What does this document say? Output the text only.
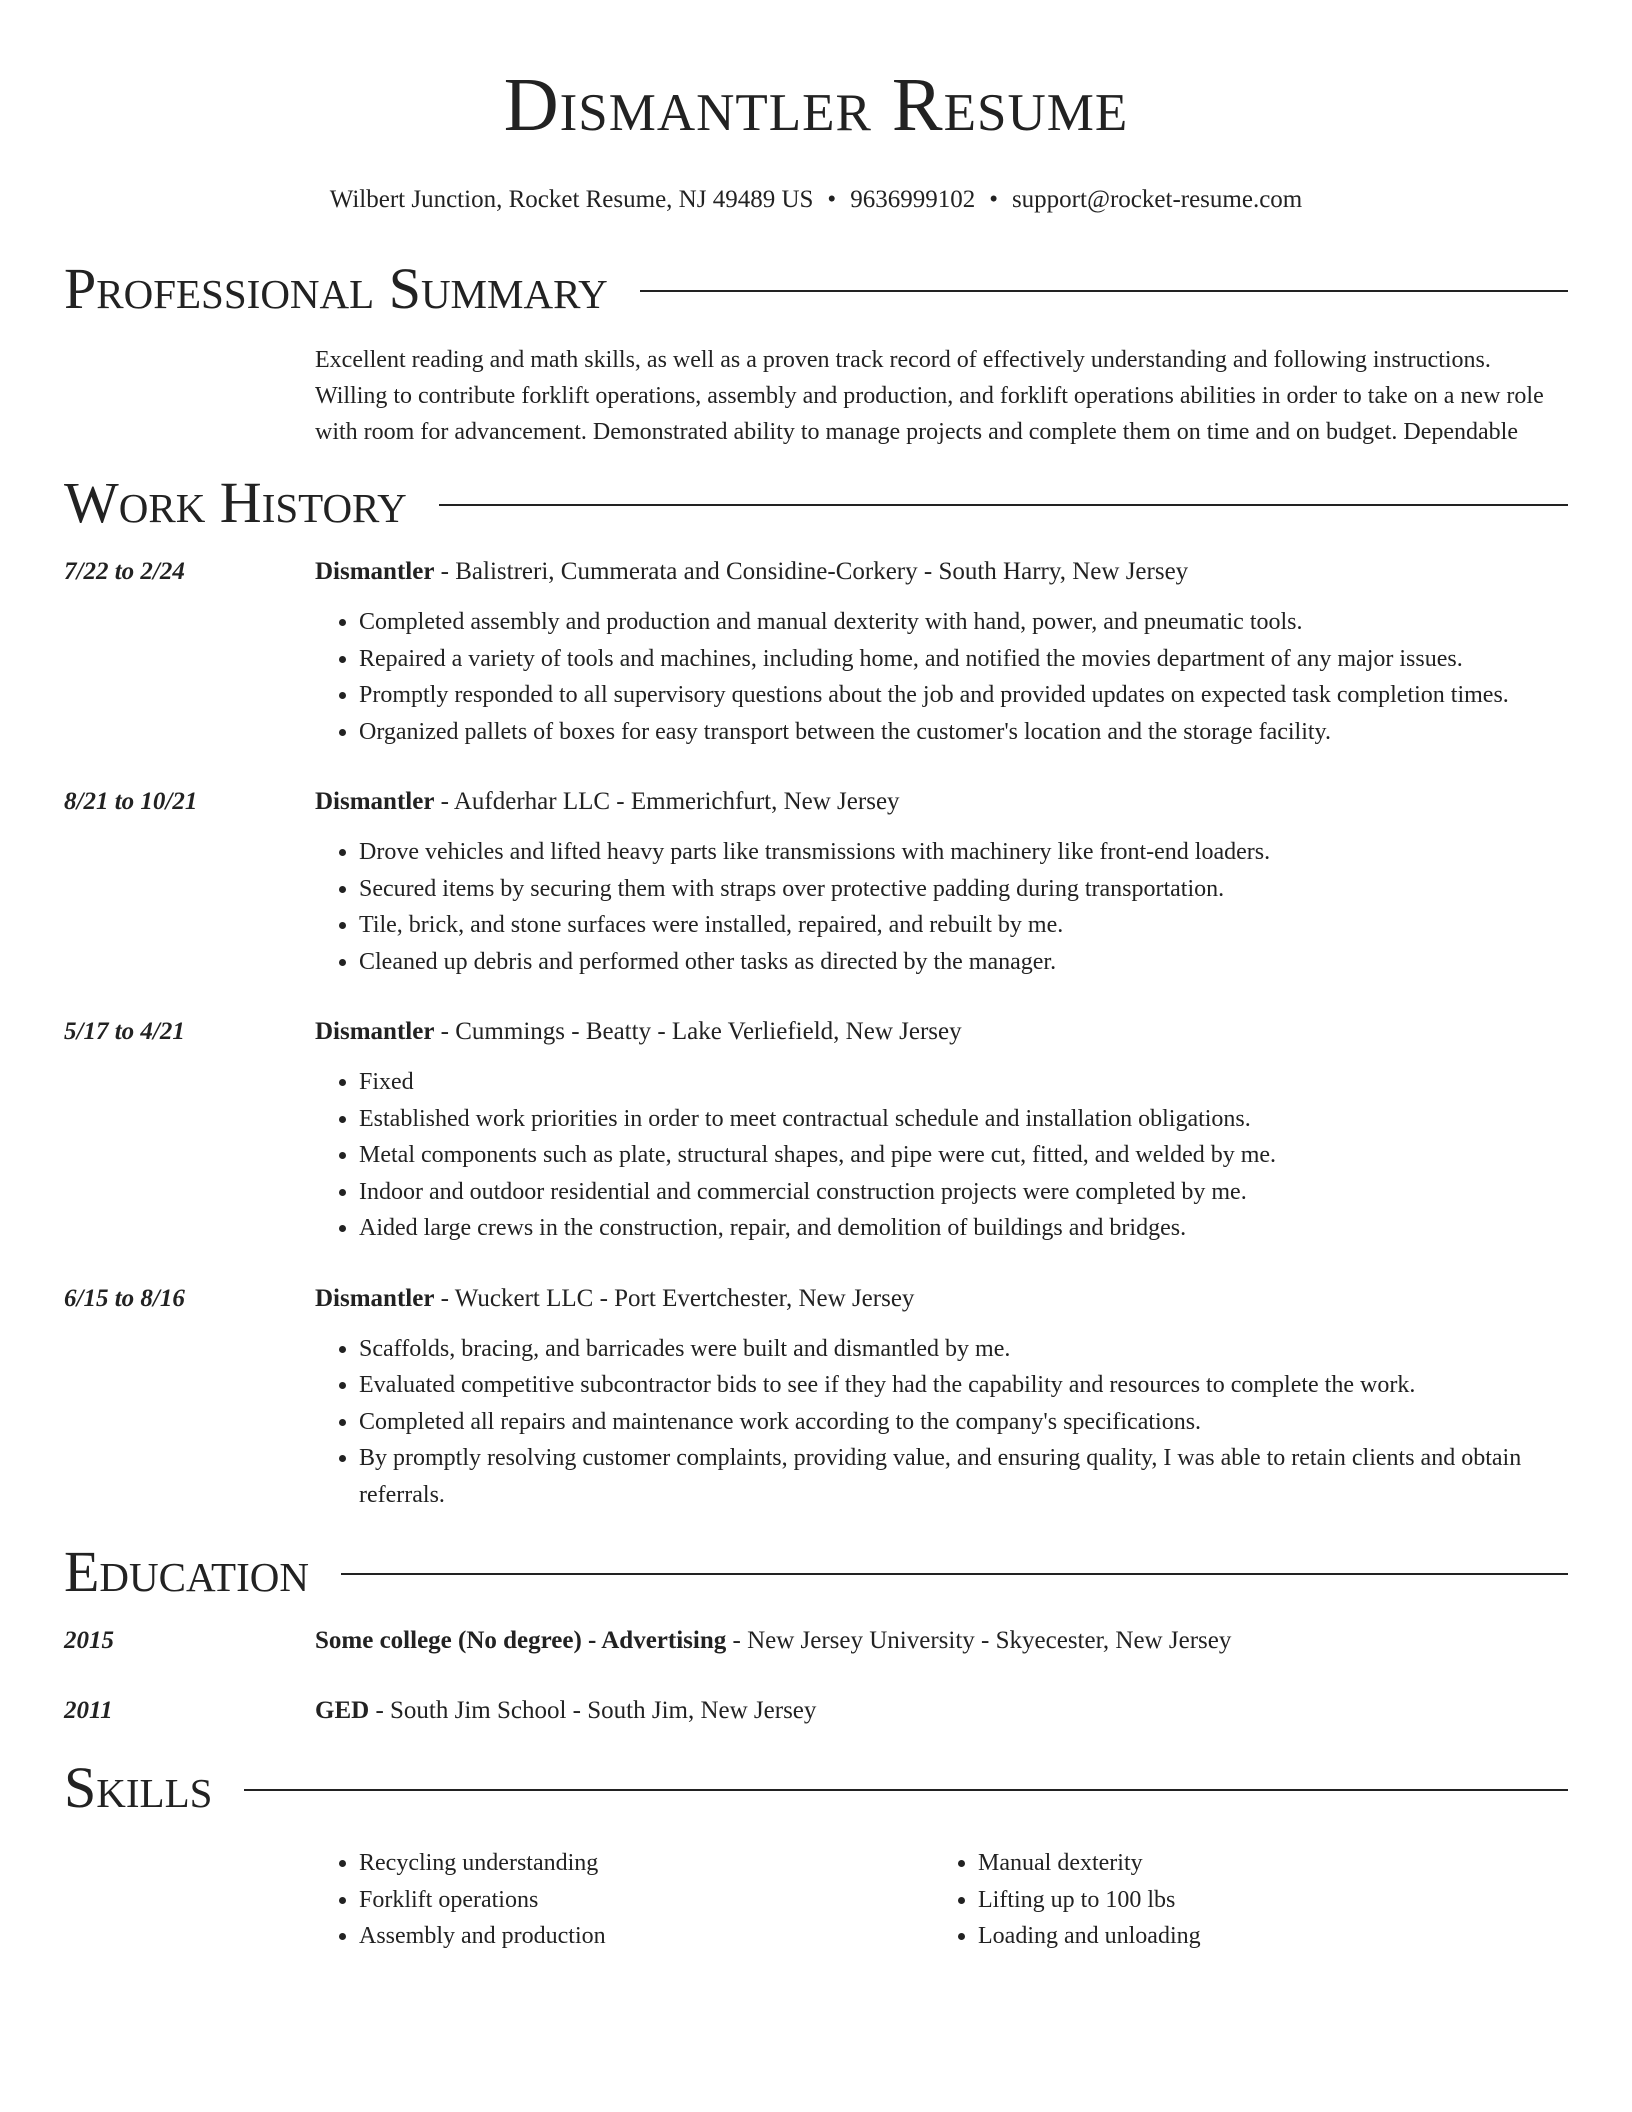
Dismantler Resume
Wilbert Junction, Rocket Resume, NJ 49489 US • 9636999102 • support@rocket-resume.com
Professional Summary
Excellent reading and math skills, as well as a proven track record of effectively understanding and following instructions. Willing to contribute forklift operations, assembly and production, and forklift operations abilities in order to take on a new role with room for advancement. Demonstrated ability to manage projects and complete them on time and on budget. Dependable
Work History
7/22 to 2/24	Dismantler - Balistreri, Cummerata and Considine-Corkery - South Harry, New Jersey
• Completed assembly and production and manual dexterity with hand, power, and pneumatic tools.
• Repaired a variety of tools and machines, including home, and notified the movies department of any major issues.
• Promptly responded to all supervisory questions about the job and provided updates on expected task completion times.
• Organized pallets of boxes for easy transport between the customer's location and the storage facility.
8/21 to 10/21	Dismantler - Aufderhar LLC - Emmerichfurt, New Jersey
• Drove vehicles and lifted heavy parts like transmissions with machinery like front-end loaders.
• Secured items by securing them with straps over protective padding during transportation.
• Tile, brick, and stone surfaces were installed, repaired, and rebuilt by me.
• Cleaned up debris and performed other tasks as directed by the manager.
5/17 to 4/21	Dismantler - Cummings - Beatty - Lake Verliefield, New Jersey
• Fixed
• Established work priorities in order to meet contractual schedule and installation obligations.
• Metal components such as plate, structural shapes, and pipe were cut, fitted, and welded by me.
• Indoor and outdoor residential and commercial construction projects were completed by me.
• Aided large crews in the construction, repair, and demolition of buildings and bridges.
6/15 to 8/16	Dismantler - Wuckert LLC - Port Evertchester, New Jersey
• Scaffolds, bracing, and barricades were built and dismantled by me.
• Evaluated competitive subcontractor bids to see if they had the capability and resources to complete the work.
• Completed all repairs and maintenance work according to the company's specifications.
• By promptly resolving customer complaints, providing value, and ensuring quality, I was able to retain clients and obtain referrals.
Education
2015	Some college (No degree) - Advertising - New Jersey University - Skyecester, New Jersey
2011	GED - South Jim School - South Jim, New Jersey
Skills
• Recycling understanding
• Forklift operations
• Assembly and production
• Manual dexterity
• Lifting up to 100 lbs
• Loading and unloading
